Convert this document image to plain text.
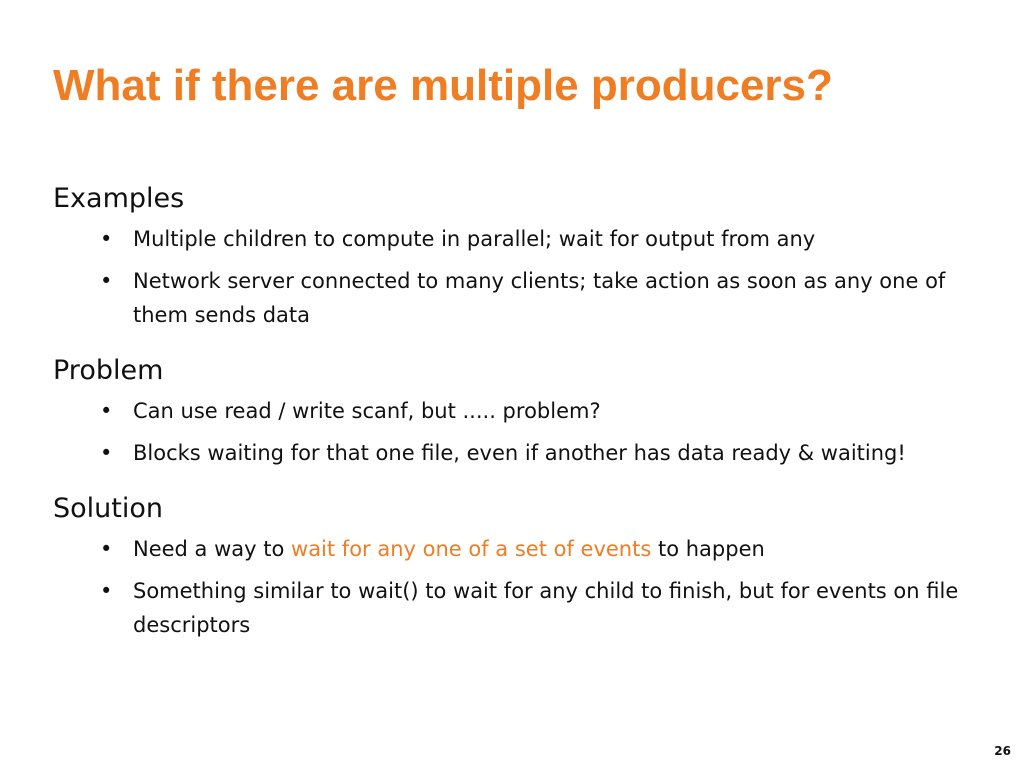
What if there are multiple producers?
Examples
• Multiple children to compute in parallel; wait for output from any
• Network server connected to many clients; take action as soon as any one of them sends data
Problem
• Can use read / write scanf, but ..... problem?
• Blocks waiting for that one file, even if another has data ready & waiting!
Solution
• Need a way to wait for any one of a set of events to happen
• Something similar to wait() to wait for any child to finish, but for events on file descriptors
26
